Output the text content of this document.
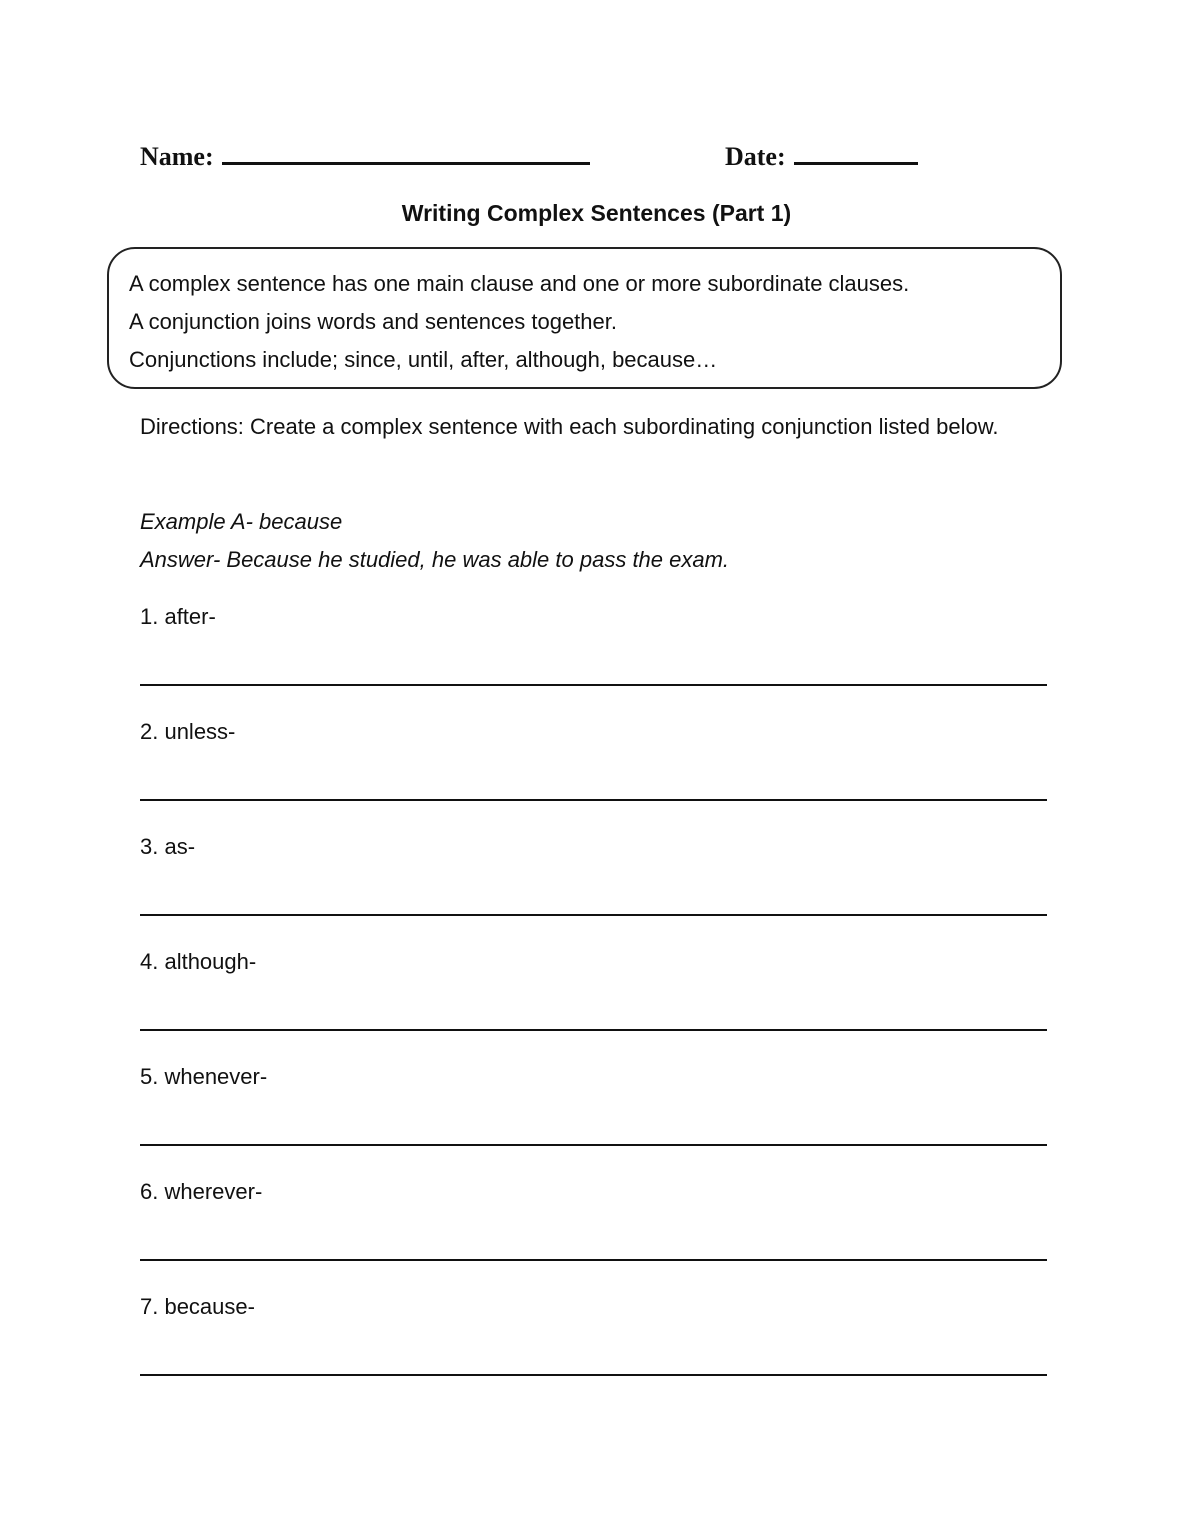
Name:	Date:
Writing Complex Sentences (Part 1)
A complex sentence has one main clause and one or more subordinate clauses.
A conjunction joins words and sentences together.
Conjunctions include; since, until, after, although, because…
Directions: Create a complex sentence with each subordinating conjunction listed below.
Example A- because
Answer- Because he studied, he was able to pass the exam.
1. after-
2. unless-
3. as-
4. although-
5. whenever-
6. wherever-
7. because-
